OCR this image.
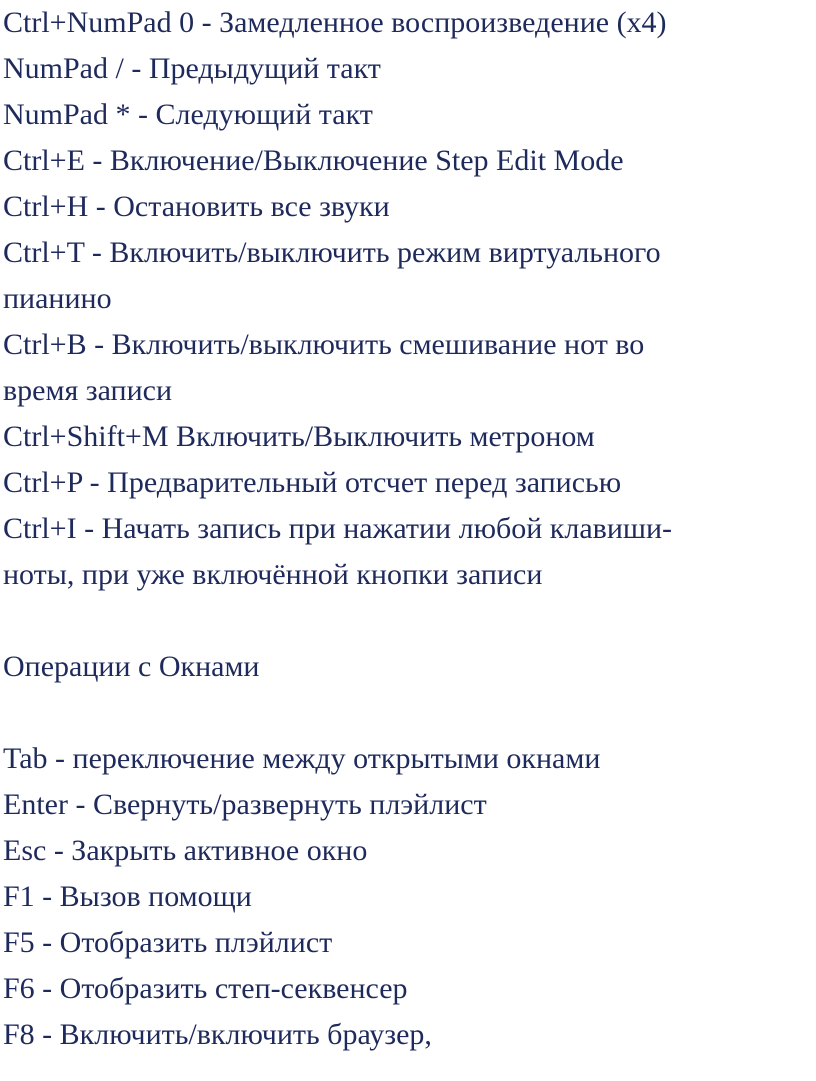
Ctrl+NumPad 0 - Замедленное воспроизведение (х4)
NumPad / - Предыдущий такт
NumPad * - Следующий такт
Ctrl+E - Включение/Выключение Step Edit Mode
Ctrl+H - Остановить все звуки
Ctrl+T - Включить/выключить режим виртуального
пианино
Ctrl+B - Включить/выключить смешивание нот во
время записи
Ctrl+Shift+M Включить/Выключить метроном
Ctrl+P - Предварительный отсчет перед записью
Ctrl+I - Начать запись при нажатии любой клавиши-
ноты, при уже включённой кнопки записи
Операции с Окнами
Tab - переключение между открытыми окнами
Enter - Свернуть/развернуть плэйлист
Esc - Закрыть активное окно
F1 - Вызов помощи
F5 - Отобразить плэйлист
F6 - Отобразить степ-секвенсер
F8 - Включить/включить браузер,
